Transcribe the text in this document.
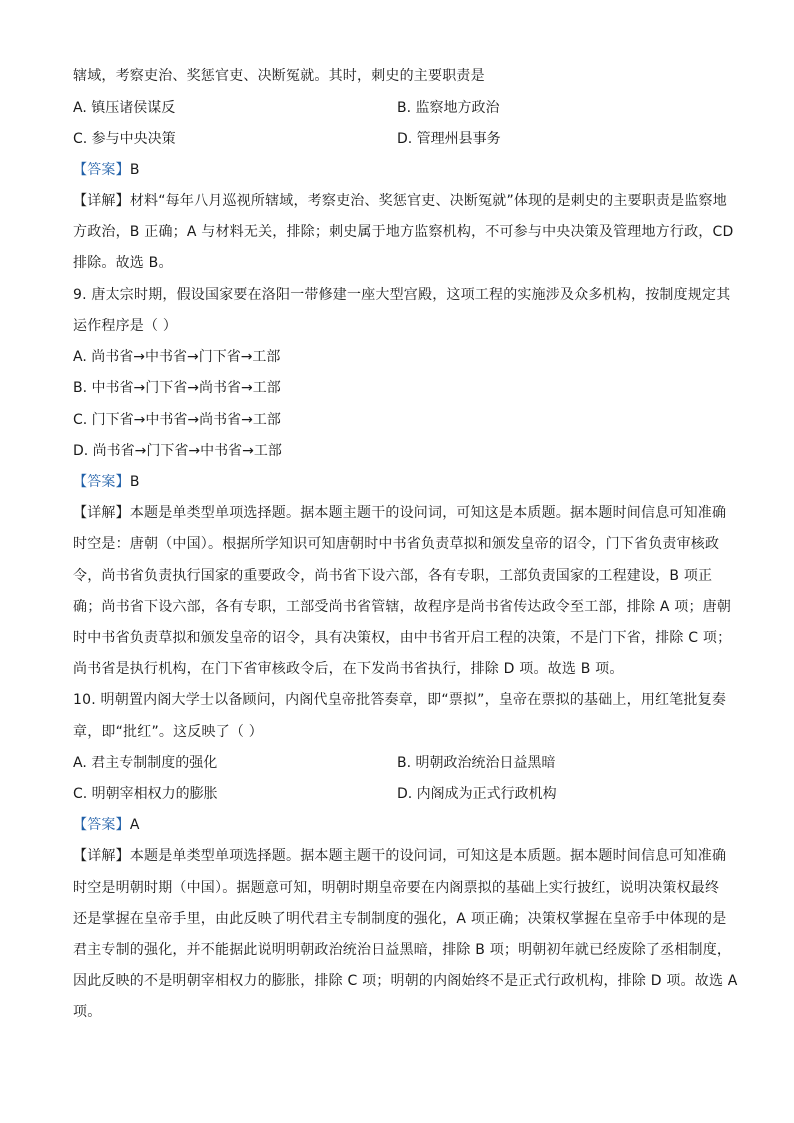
辖域，考察吏治、奖惩官吏、决断冤就。其时，刺史的主要职责是
A. 镇压诸侯谋反	B. 监察地方政治
C. 参与中央决策	D. 管理州县事务
【答案】B
【详解】材料“每年八月巡视所辖域，考察吏治、奖惩官吏、决断冤就”体现的是刺史的主要职责是监察地
方政治，B 正确；A 与材料无关，排除；刺史属于地方监察机构，不可参与中央决策及管理地方行政，CD
排除。故选 B。
9. 唐太宗时期，假设国家要在洛阳一带修建一座大型宫殿，这项工程的实施涉及众多机构，按制度规定其
运作程序是（ ）
A. 尚书省→中书省→门下省→工部
B. 中书省→门下省→尚书省→工部
C. 门下省→中书省→尚书省→工部
D. 尚书省→门下省→中书省→工部
【答案】B
【详解】本题是单类型单项选择题。据本题主题干的设问词，可知这是本质题。据本题时间信息可知准确
时空是：唐朝（中国）。根据所学知识可知唐朝时中书省负责草拟和颁发皇帝的诏令，门下省负责审核政
令，尚书省负责执行国家的重要政令，尚书省下设六部，各有专职，工部负责国家的工程建设，B 项正
确；尚书省下设六部，各有专职，工部受尚书省管辖，故程序是尚书省传达政令至工部，排除 A 项；唐朝
时中书省负责草拟和颁发皇帝的诏令，具有决策权，由中书省开启工程的决策，不是门下省，排除 C 项；
尚书省是执行机构，在门下省审核政令后，在下发尚书省执行，排除 D 项。故选 B 项。
10. 明朝置内阁大学士以备顾问，内阁代皇帝批答奏章，即“票拟”，皇帝在票拟的基础上，用红笔批复奏
章，即“批红”。这反映了（ ）
A. 君主专制制度的强化	B. 明朝政治统治日益黑暗
C. 明朝宰相权力的膨胀	D. 内阁成为正式行政机构
【答案】A
【详解】本题是单类型单项选择题。据本题主题干的设问词，可知这是本质题。据本题时间信息可知准确
时空是明朝时期（中国）。据题意可知，明朝时期皇帝要在内阁票拟的基础上实行披红，说明决策权最终
还是掌握在皇帝手里，由此反映了明代君主专制制度的强化，A 项正确；决策权掌握在皇帝手中体现的是
君主专制的强化，并不能据此说明明朝政治统治日益黑暗，排除 B 项；明朝初年就已经废除了丞相制度，
因此反映的不是明朝宰相权力的膨胀，排除 C 项；明朝的内阁始终不是正式行政机构，排除 D 项。故选 A
项。
